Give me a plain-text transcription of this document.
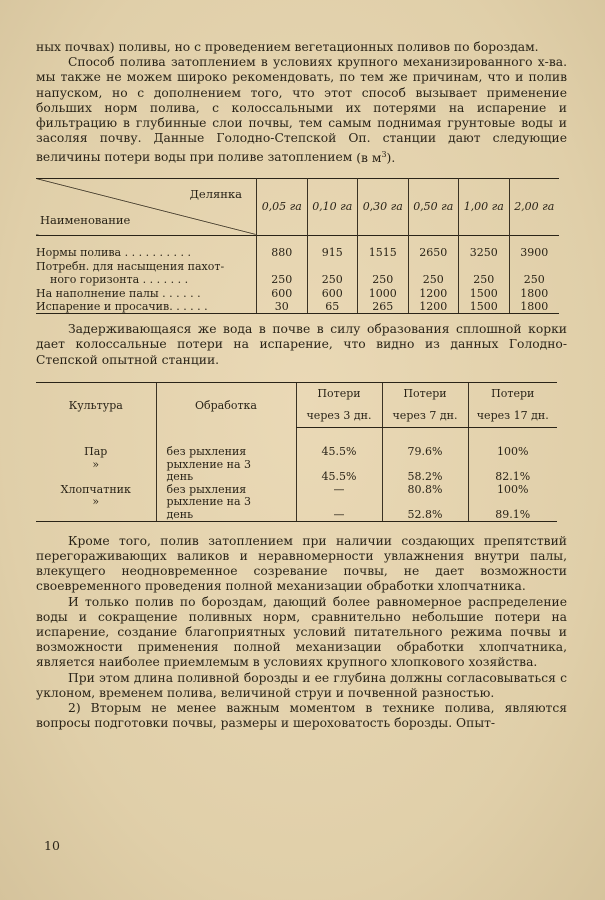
ных почвах) поливы, но с проведением вегетационных поливов по бороздам.

Способ полива затоплением в условиях крупного механизированного х-ва. мы также не можем широко рекомендовать, по тем же причинам, что и полив напуском, но с дополнением того, что этот способ вызывает применение больших норм полива, с колоссальными их потерями на испарение и фильтрацию в глубинные слои почвы, тем самым поднимая грунтовые воды и засоляя почву. Данные Голодно-Степской Оп. станции дают следующие величины потери воды при поливе затоплением (в $м^3$).

Делянка
Наименование	0,05 га	0,10 га	0,30 га	0,50 га	1,00 га	2,00 га

Нормы полива . . . . . . . . . .	880	915	1515	2650	3250	3900
Потребн. для насыщения пахот-						
ного горизонта . . . . . . .	250	250	250	250	250	250
На наполнение палы . . . . . .	600	600	1000	1200	1500	1800
Испарение и просачив. . . . . .	30	65	265	1200	1500	1800

Задерживающаяся же вода в почве в силу образования сплошной корки дает колоссальные потери на испарение, что видно из данных Голодно-Степской опытной станции.

Культура	Обработка	Потери	Потери	Потери
		через 3 дн.	через 7 дн.	через 17 дн.

Пар	без рыхления	45.5%	79.6%	100%
»	рыхление на 3			
	день	45.5%	58.2%	82.1%
Хлопчатник	без рыхления	—	80.8%	100%
»	рыхление на 3			
	день	—	52.8%	89.1%

Кроме того, полив затоплением при наличии создающих препятствий перегораживающих валиков и неравномерности увлажнения внутри палы, влекущего неодновременное созревание почвы, не дает возможности своевременного проведения полной механизации обработки хлопчатника.

И только полив по бороздам, дающий более равномерное распределение воды и сокращение поливных норм, сравнительно небольшие потери на испарение, создание благоприятных условий питательного режима почвы и возможности применения полной механизации обработки хлопчатника, является наиболее приемлемым в условиях крупного хлопкового хозяйства.

При этом длина поливной борозды и ее глубина должны согласовываться с уклоном, временем полива, величиной струи и почвенной разностью.

2) Вторым не менее важным моментом в технике полива, являются вопросы подготовки почвы, размеры и шероховатость борозды. Опыт-

10
